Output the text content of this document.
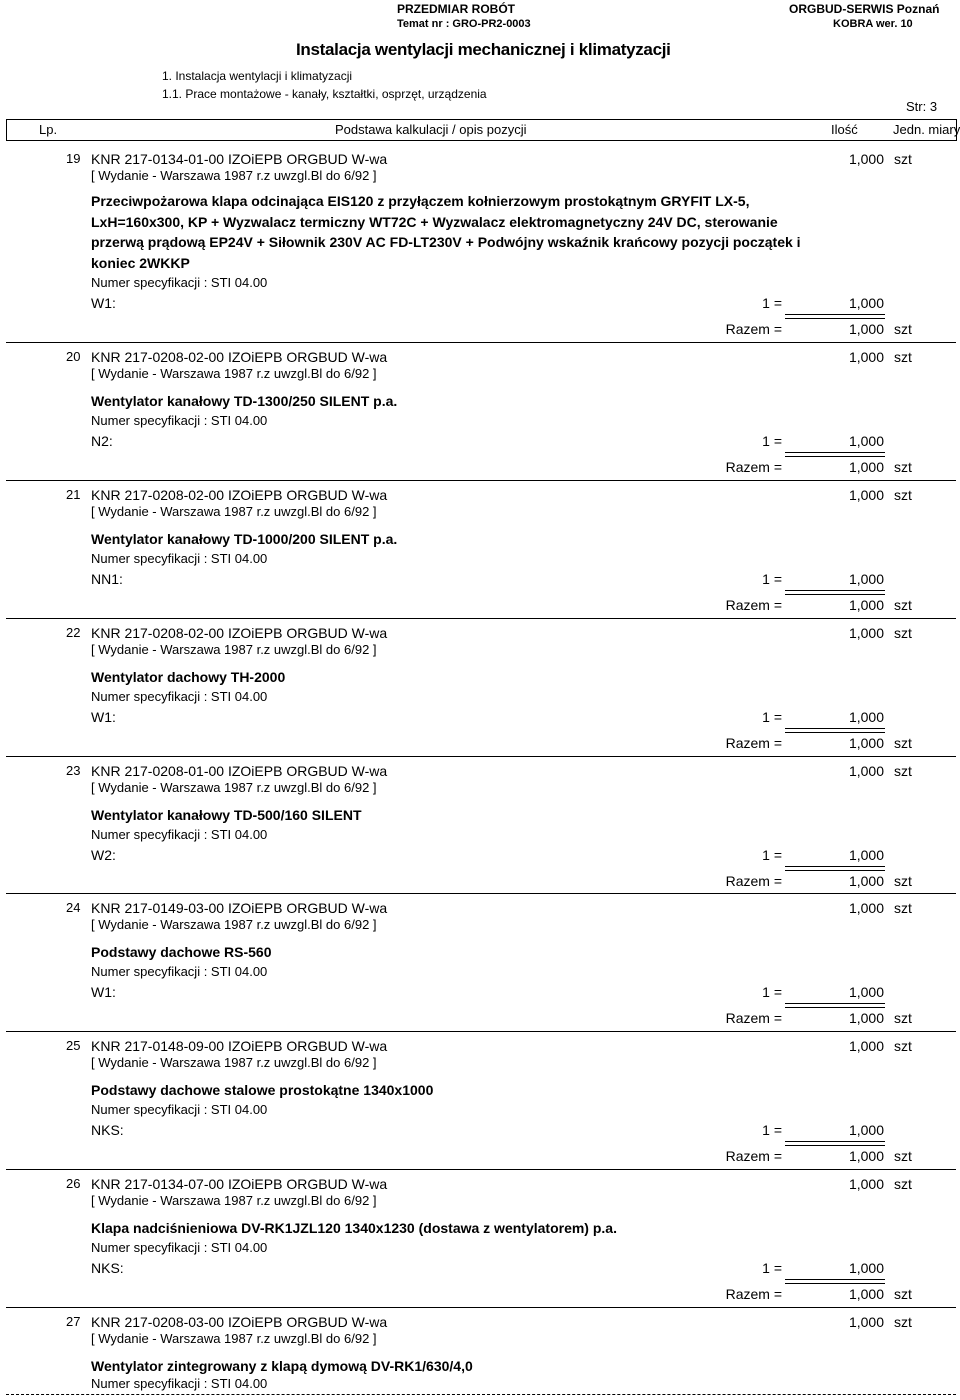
PRZEDMIAR ROBÓT
Temat nr : GRO-PR2-0003
ORGBUD-SERWIS Poznań
KOBRA wer. 10
Instalacja wentylacji mechanicznej i klimatyzacji
1. Instalacja wentylacji i klimatyzacji
1.1. Prace montażowe - kanały, kształtki, osprzęt, urządzenia
Str: 3
Lp.	Podstawa kalkulacji / opis pozycji	Ilość	Jedn. miary
19 KNR 217-0134-01-00 IZOiEPB ORGBUD W-wa	1,000 szt
[ Wydanie - Warszawa 1987 r.z uwzgl.Bl do 6/92 ]
Przeciwpożarowa klapa odcinająca EIS120 z przyłączem kołnierzowym prostokątnym GRYFIT LX-5, LxH=160x300, KP + Wyzwalacz termiczny WT72C + Wyzwalacz elektromagnetyczny 24V DC, sterowanie przerwą prądową EP24V + Siłownik 230V AC FD-LT230V + Podwójny wskaźnik krańcowy pozycji początek i koniec 2WKKP
Numer specyfikacji : STI 04.00
W1:	1 =	1,000
Razem =	1,000 szt
20 KNR 217-0208-02-00 IZOiEPB ORGBUD W-wa	1,000 szt
[ Wydanie - Warszawa 1987 r.z uwzgl.Bl do 6/92 ]
Wentylator kanałowy TD-1300/250 SILENT p.a.
Numer specyfikacji : STI 04.00
N2:	1 =	1,000
Razem =	1,000 szt
21 KNR 217-0208-02-00 IZOiEPB ORGBUD W-wa	1,000 szt
[ Wydanie - Warszawa 1987 r.z uwzgl.Bl do 6/92 ]
Wentylator kanałowy TD-1000/200 SILENT p.a.
Numer specyfikacji : STI 04.00
NN1:	1 =	1,000
Razem =	1,000 szt
22 KNR 217-0208-02-00 IZOiEPB ORGBUD W-wa	1,000 szt
[ Wydanie - Warszawa 1987 r.z uwzgl.Bl do 6/92 ]
Wentylator dachowy TH-2000
Numer specyfikacji : STI 04.00
W1:	1 =	1,000
Razem =	1,000 szt
23 KNR 217-0208-01-00 IZOiEPB ORGBUD W-wa	1,000 szt
[ Wydanie - Warszawa 1987 r.z uwzgl.Bl do 6/92 ]
Wentylator kanałowy TD-500/160 SILENT
Numer specyfikacji : STI 04.00
W2:	1 =	1,000
Razem =	1,000 szt
24 KNR 217-0149-03-00 IZOiEPB ORGBUD W-wa	1,000 szt
[ Wydanie - Warszawa 1987 r.z uwzgl.Bl do 6/92 ]
Podstawy dachowe RS-560
Numer specyfikacji : STI 04.00
W1:	1 =	1,000
Razem =	1,000 szt
25 KNR 217-0148-09-00 IZOiEPB ORGBUD W-wa	1,000 szt
[ Wydanie - Warszawa 1987 r.z uwzgl.Bl do 6/92 ]
Podstawy dachowe stalowe prostokątne 1340x1000
Numer specyfikacji : STI 04.00
NKS:	1 =	1,000
Razem =	1,000 szt
26 KNR 217-0134-07-00 IZOiEPB ORGBUD W-wa	1,000 szt
[ Wydanie - Warszawa 1987 r.z uwzgl.Bl do 6/92 ]
Klapa nadciśnieniowa DV-RK1JZL120 1340x1230 (dostawa z wentylatorem) p.a.
Numer specyfikacji : STI 04.00
NKS:	1 =	1,000
Razem =	1,000 szt
27 KNR 217-0208-03-00 IZOiEPB ORGBUD W-wa	1,000 szt
[ Wydanie - Warszawa 1987 r.z uwzgl.Bl do 6/92 ]
Wentylator zintegrowany z klapą dymową DV-RK1/630/4,0
Numer specyfikacji : STI 04.00
